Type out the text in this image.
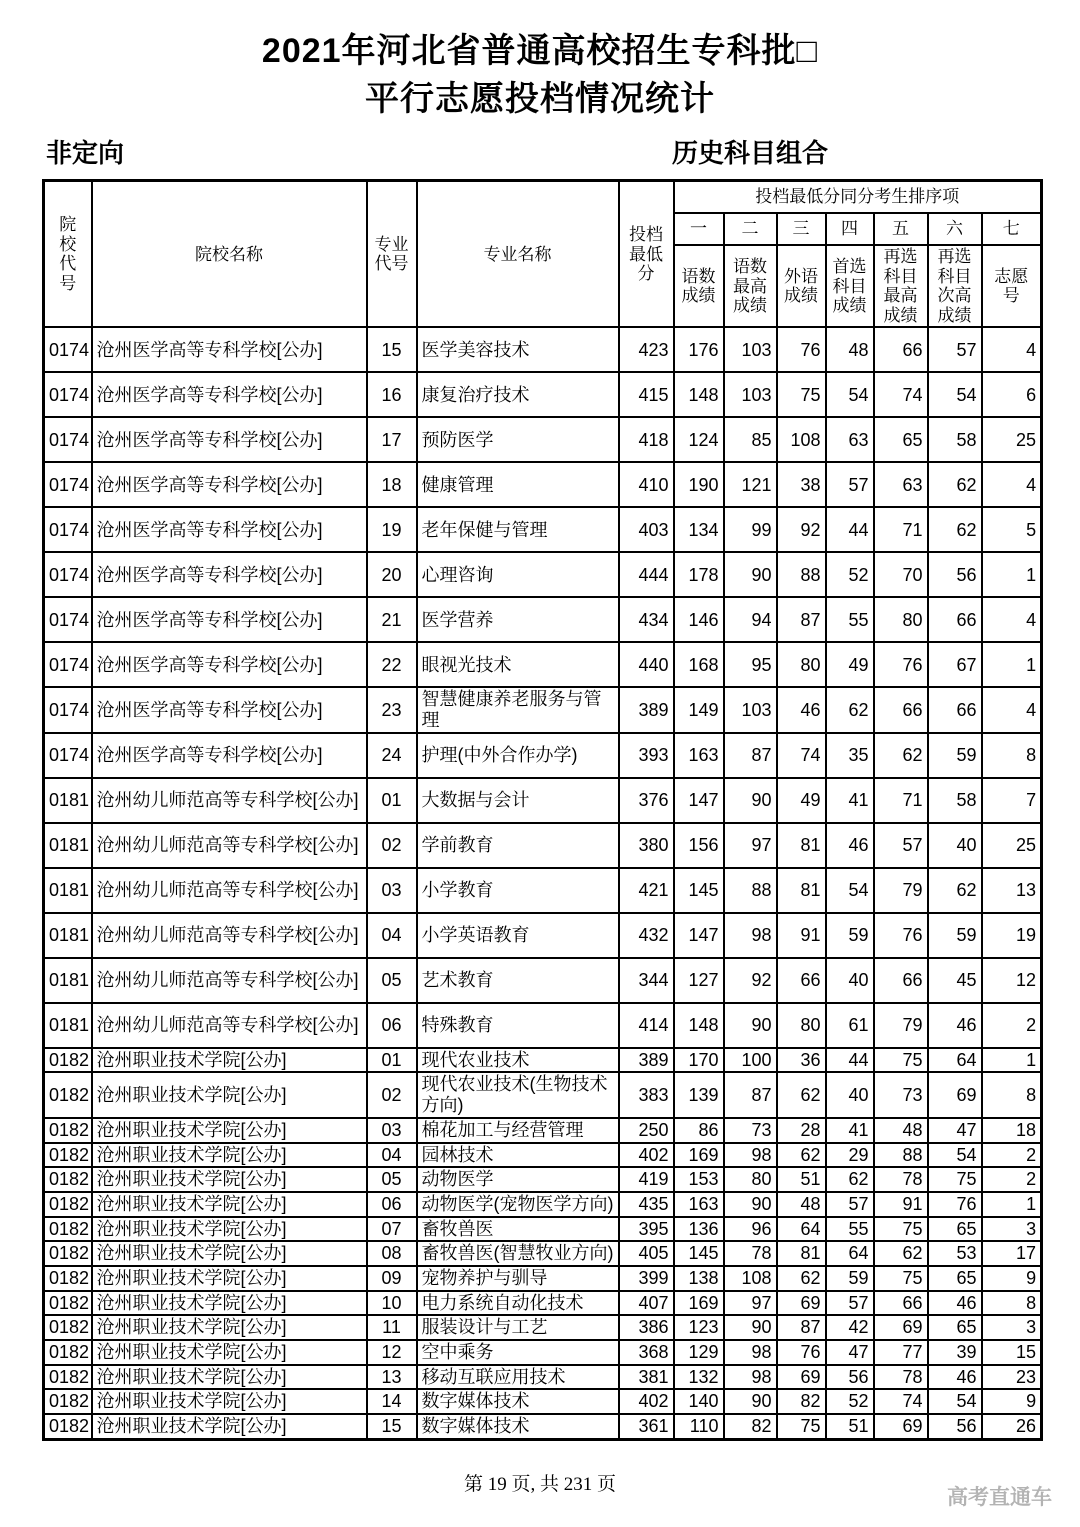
2021年河北省普通高校招生专科批□
平行志愿投档情况统计
非定向	历史科目组合
院校代号	院校名称	专业代号	专业名称	投档最低分	投档最低分同分考生排序项						
					一	二	三	四	五	六	七
					语数成绩	语数最高成绩	外语成绩	首选科目成绩	再选科目最高成绩	再选科目次高成绩	志愿号
0174	沧州医学高等专科学校[公办]	15	医学美容技术	423	176	103	76	48	66	57	4
0174	沧州医学高等专科学校[公办]	16	康复治疗技术	415	148	103	75	54	74	54	6
0174	沧州医学高等专科学校[公办]	17	预防医学	418	124	85	108	63	65	58	25
0174	沧州医学高等专科学校[公办]	18	健康管理	410	190	121	38	57	63	62	4
0174	沧州医学高等专科学校[公办]	19	老年保健与管理	403	134	99	92	44	71	62	5
0174	沧州医学高等专科学校[公办]	20	心理咨询	444	178	90	88	52	70	56	1
0174	沧州医学高等专科学校[公办]	21	医学营养	434	146	94	87	55	80	66	4
0174	沧州医学高等专科学校[公办]	22	眼视光技术	440	168	95	80	49	76	67	1
0174	沧州医学高等专科学校[公办]	23	智慧健康养老服务与管理	389	149	103	46	62	66	66	4
0174	沧州医学高等专科学校[公办]	24	护理(中外合作办学)	393	163	87	74	35	62	59	8
0181	沧州幼儿师范高等专科学校[公办]	01	大数据与会计	376	147	90	49	41	71	58	7
0181	沧州幼儿师范高等专科学校[公办]	02	学前教育	380	156	97	81	46	57	40	25
0181	沧州幼儿师范高等专科学校[公办]	03	小学教育	421	145	88	81	54	79	62	13
0181	沧州幼儿师范高等专科学校[公办]	04	小学英语教育	432	147	98	91	59	76	59	19
0181	沧州幼儿师范高等专科学校[公办]	05	艺术教育	344	127	92	66	40	66	45	12
0181	沧州幼儿师范高等专科学校[公办]	06	特殊教育	414	148	90	80	61	79	46	2
0182	沧州职业技术学院[公办]	01	现代农业技术	389	170	100	36	44	75	64	1
0182	沧州职业技术学院[公办]	02	现代农业技术(生物技术方向)	383	139	87	62	40	73	69	8
0182	沧州职业技术学院[公办]	03	棉花加工与经营管理	250	86	73	28	41	48	47	18
0182	沧州职业技术学院[公办]	04	园林技术	402	169	98	62	29	88	54	2
0182	沧州职业技术学院[公办]	05	动物医学	419	153	80	51	62	78	75	2
0182	沧州职业技术学院[公办]	06	动物医学(宠物医学方向)	435	163	90	48	57	91	76	1
0182	沧州职业技术学院[公办]	07	畜牧兽医	395	136	96	64	55	75	65	3
0182	沧州职业技术学院[公办]	08	畜牧兽医(智慧牧业方向)	405	145	78	81	64	62	53	17
0182	沧州职业技术学院[公办]	09	宠物养护与驯导	399	138	108	62	59	75	65	9
0182	沧州职业技术学院[公办]	10	电力系统自动化技术	407	169	97	69	57	66	46	8
0182	沧州职业技术学院[公办]	11	服装设计与工艺	386	123	90	87	42	69	65	3
0182	沧州职业技术学院[公办]	12	空中乘务	368	129	98	76	47	77	39	15
0182	沧州职业技术学院[公办]	13	移动互联应用技术	381	132	98	69	56	78	46	23
0182	沧州职业技术学院[公办]	14	数字媒体技术	402	140	90	82	52	74	54	9
0182	沧州职业技术学院[公办]	15	数字媒体技术	361	110	82	75	51	69	56	26
第 19 页, 共 231 页
高考直通车
